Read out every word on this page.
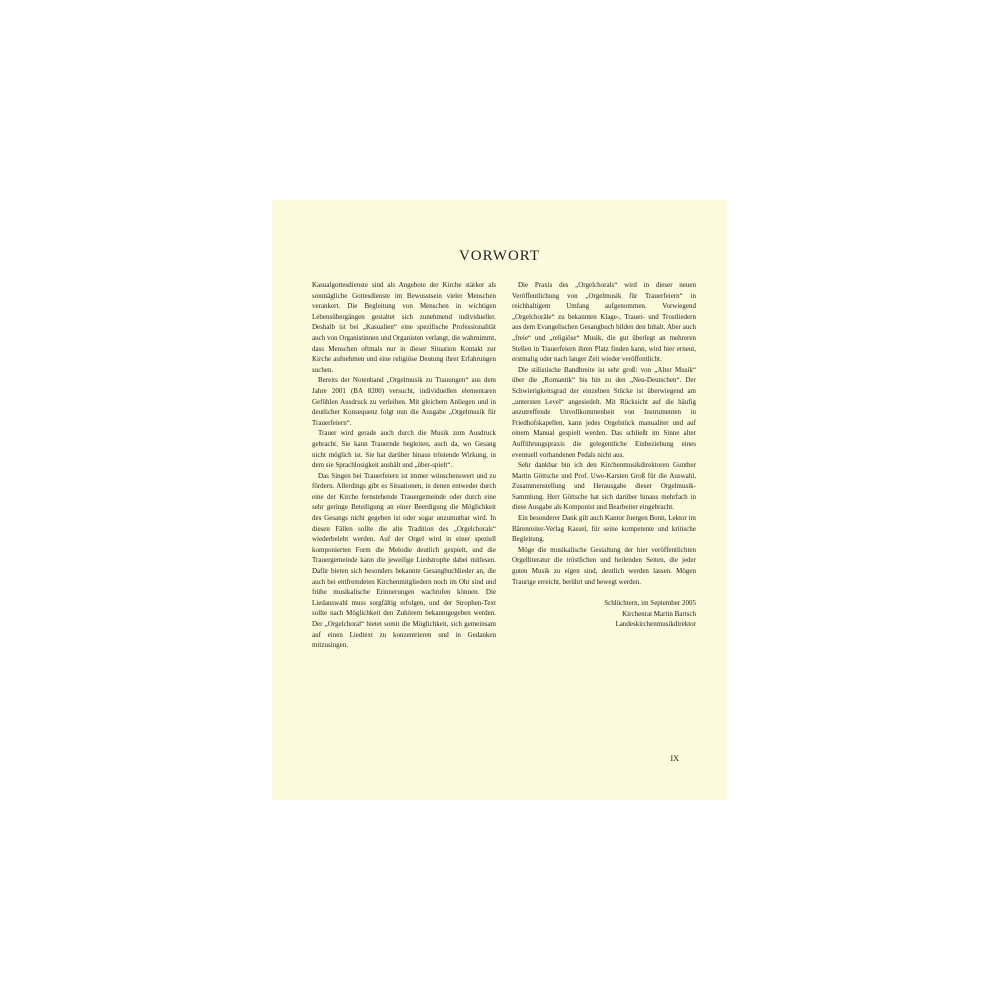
VORWORT

Kasualgottesdienste sind als Angebote der Kirche stärker als sonntägliche Gottesdienste im Bewusstsein vieler Menschen verankert. Die Begleitung von Menschen in wichtigen Lebensübergängen gestaltet sich zunehmend individueller. Deshalb ist bei „Kasualien“ eine spezifische Professionalität auch von Organistinnen und Organisten verlangt, die wahrnimmt, dass Menschen oftmals nur in dieser Situation Kontakt zur Kirche aufnehmen und eine religiöse Deutung ihrer Erfahrungen suchen.

Bereits der Notenband „Orgelmusik zu Trauungen“ aus dem Jahre 2001 (BA 8200) versucht, individuellen elementaren Gefühlen Ausdruck zu verleihen. Mit gleichem Anliegen und in deutlicher Konsequenz folgt nun die Ausgabe „Orgelmusik für Trauerfeiern“.

Trauer wird gerade auch durch die Musik zum Ausdruck gebracht. Sie kann Trauernde begleiten, auch da, wo Gesang nicht möglich ist. Sie hat darüber hinaus tröstende Wirkung, in dem sie Sprachlosigkeit aushält und „über-spielt“.

Das Singen bei Trauerfeiern ist immer wünschenswert und zu fördern. Allerdings gibt es Situationen, in denen entweder durch eine der Kirche fernstehende Trauergemeinde oder durch eine sehr geringe Beteiligung an einer Beerdigung die Möglichkeit des Gesangs nicht gegeben ist oder sogar unzumutbar wird. In diesen Fällen sollte die alte Tradition des „Orgelchorals“ wiederbelebt werden. Auf der Orgel wird in einer speziell komponierten Form die Melodie deutlich gespielt, und die Trauergemeinde kann die jeweilige Liedstrophe dabei mitlesen. Dafür bieten sich besonders bekannte Gesangbuchlieder an, die auch bei entfremdeten Kirchenmitgliedern noch im Ohr sind und frühe musikalische Erinnerungen wachrufen können. Die Liedauswahl muss sorgfältig erfolgen, und der Strophen-Text sollte nach Möglichkeit den Zuhörern bekanntgegeben werden. Der „Orgelchoral“ bietet somit die Möglichkeit, sich gemeinsam auf einen Liedtext zu konzentrieren und in Gedanken mitzusingen.

Die Praxis des „Orgelchorals“ wird in dieser neuen Veröffentlichung von „Orgelmusik für Trauerfeiern“ in reichhaltigem Umfang aufgenommen. Vorwiegend „Orgelchoräle“ zu bekannten Klage-, Trauer- und Trostliedern aus dem Evangelischen Gesangbuch bilden den Inhalt. Aber auch „freie“ und „religiöse“ Musik, die gut überlegt an mehreren Stellen in Trauerfeiern ihren Platz finden kann, wird hier erneut, erstmalig oder nach langer Zeit wieder veröffentlicht.

Die stilistische Bandbreite ist sehr groß: von „Alter Musik“ über die „Romantik“ bis hin zu den „Neu-Deutschen“. Der Schwierigkeitsgrad der einzelnen Stücke ist überwiegend am „untersten Level“ angesiedelt. Mit Rücksicht auf die häufig anzutreffende Unvollkommenheit von Instrumenten in Friedhofskapellen, kann jedes Orgelstück manualiter und auf einem Manual gespielt werden. Das schließt im Sinne alter Aufführungspraxis die gelegentliche Einbeziehung eines eventuell vorhandenen Pedals nicht aus.

Sehr dankbar bin ich den Kirchenmusikdirektoren Gunther Martin Göttsche und Prof. Uwe-Karsten Groß für die Auswahl, Zusammenstellung und Herausgabe dieser Orgelmusik-Sammlung. Herr Göttsche hat sich darüber hinaus mehrfach in diese Ausgabe als Komponist und Bearbeiter eingebracht.

Ein besonderer Dank gilt auch Kantor Juergen Bonn, Lektor im Bärenreiter-Verlag Kassel, für seine kompetente und kritische Begleitung.

Möge die musikalische Gestaltung der hier veröffentlichten Orgelliteratur die tröstlichen und heilenden Seiten, die jeder guten Musik zu eigen sind, deutlich werden lassen. Mögen Traurige erreicht, berührt und bewegt werden.

Schlüchtern, im September 2005
Kirchenrat Martin Bartsch
Landeskirchenmusikdirektor
IX
